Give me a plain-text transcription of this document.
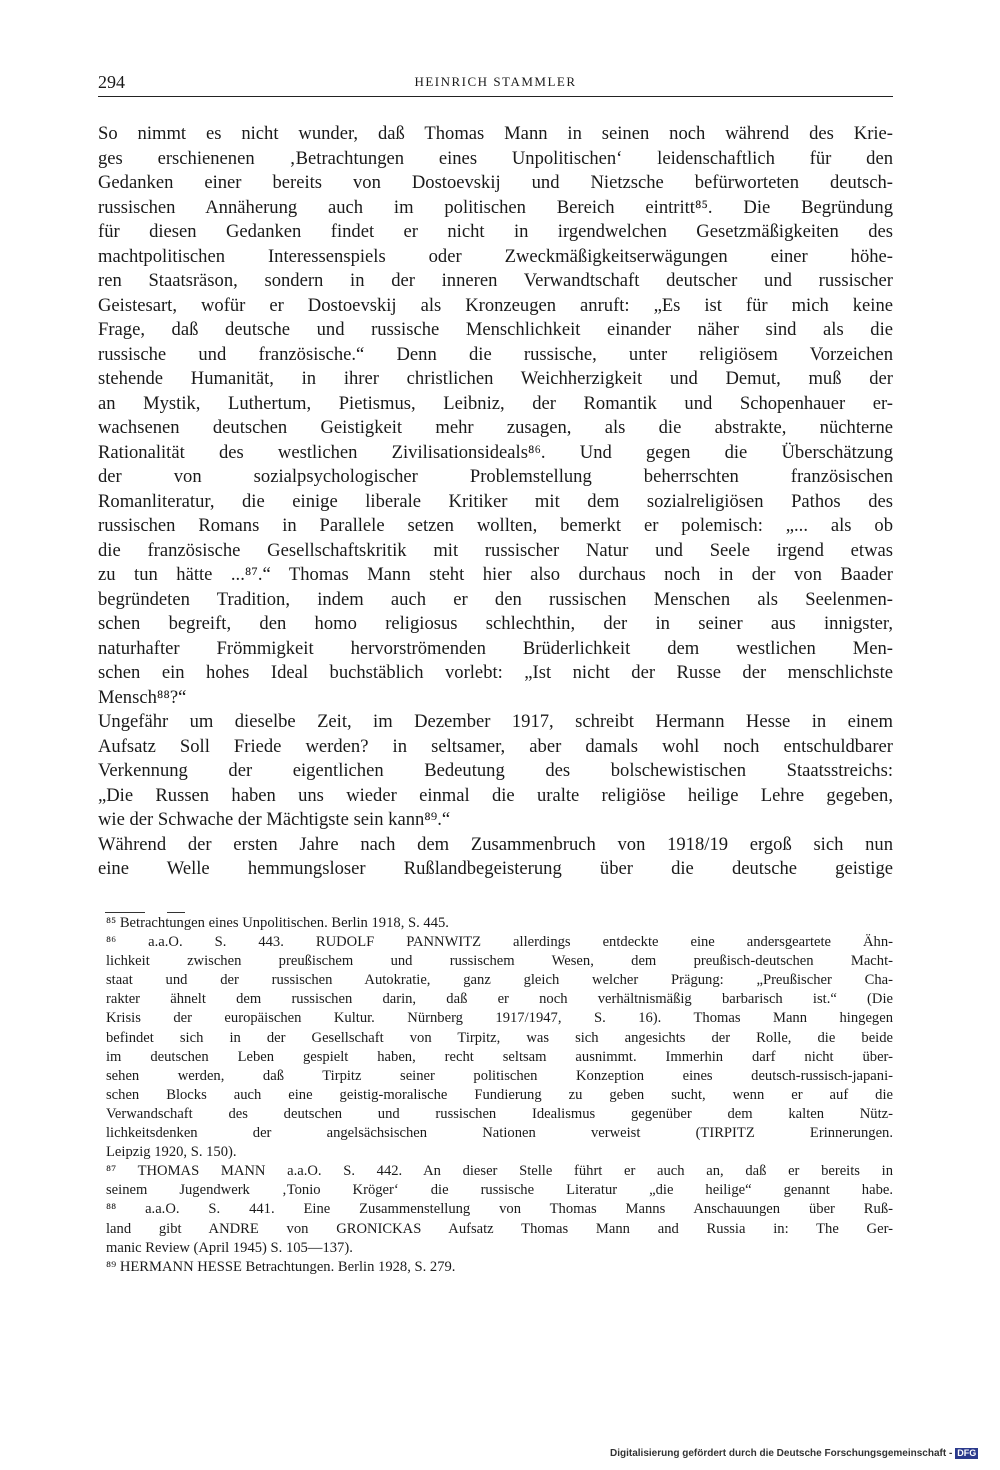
294	HEINRICH STAMMLER
So nimmt es nicht wunder, daß Thomas Mann in seinen noch während des Krie-
ges erschienenen ‚Betrachtungen eines Unpolitischen‘ leidenschaftlich für den
Gedanken einer bereits von Dostoevskij und Nietzsche befürworteten deutsch-
russischen Annäherung auch im politischen Bereich eintritt⁸⁵. Die Begründung
für diesen Gedanken findet er nicht in irgendwelchen Gesetzmäßigkeiten des
machtpolitischen Interessenspiels oder Zweckmäßigkeitserwägungen einer höhe-
ren Staatsräson, sondern in der inneren Verwandtschaft deutscher und russischer
Geistesart, wofür er Dostoevskij als Kronzeugen anruft: „Es ist für mich keine
Frage, daß deutsche und russische Menschlichkeit einander näher sind als die
russische und französische.“ Denn die russische, unter religiösem Vorzeichen
stehende Humanität, in ihrer christlichen Weichherzigkeit und Demut, muß der
an Mystik, Luthertum, Pietismus, Leibniz, der Romantik und Schopenhauer er-
wachsenen deutschen Geistigkeit mehr zusagen, als die abstrakte, nüchterne
Rationalität des westlichen Zivilisationsideals⁸⁶. Und gegen die Überschätzung
der von sozialpsychologischer Problemstellung beherrschten französischen
Romanliteratur, die einige liberale Kritiker mit dem sozialreligiösen Pathos des
russischen Romans in Parallele setzen wollten, bemerkt er polemisch: „... als ob
die französische Gesellschaftskritik mit russischer Natur und Seele irgend etwas
zu tun hätte ...⁸⁷.“ Thomas Mann steht hier also durchaus noch in der von Baader
begründeten Tradition, indem auch er den russischen Menschen als Seelenmen-
schen begreift, den homo religiosus schlechthin, der in seiner aus innigster,
naturhafter Frömmigkeit hervorströmenden Brüderlichkeit dem westlichen Men-
schen ein hohes Ideal buchstäblich vorlebt: „Ist nicht der Russe der menschlichste
Mensch⁸⁸?“
Ungefähr um dieselbe Zeit, im Dezember 1917, schreibt Hermann Hesse in einem
Aufsatz Soll Friede werden? in seltsamer, aber damals wohl noch entschuldbarer
Verkennung der eigentlichen Bedeutung des bolschewistischen Staatsstreichs:
„Die Russen haben uns wieder einmal die uralte religiöse heilige Lehre gegeben,
wie der Schwache der Mächtigste sein kann⁸⁹.“
Während der ersten Jahre nach dem Zusammenbruch von 1918/19 ergoß sich nun
eine Welle hemmungsloser Rußlandbegeisterung über die deutsche geistige
⁸⁵ Betrachtungen eines Unpolitischen. Berlin 1918, S. 445.
⁸⁶ a.a.O. S. 443. RUDOLF PANNWITZ allerdings entdeckte eine andersgeartete Ähn-
lichkeit zwischen preußischem und russischem Wesen, dem preußisch-deutschen Macht-
staat und der russischen Autokratie, ganz gleich welcher Prägung: „Preußischer Cha-
rakter ähnelt dem russischen darin, daß er noch verhältnismäßig barbarisch ist.“ (Die
Krisis der europäischen Kultur. Nürnberg 1917/1947, S. 16). Thomas Mann hingegen
befindet sich in der Gesellschaft von Tirpitz, was sich angesichts der Rolle, die beide
im deutschen Leben gespielt haben, recht seltsam ausnimmt. Immerhin darf nicht über-
sehen werden, daß Tirpitz seiner politischen Konzeption eines deutsch-russisch-japani-
schen Blocks auch eine geistig-moralische Fundierung zu geben sucht, wenn er auf die
Verwandschaft des deutschen und russischen Idealismus gegenüber dem kalten Nütz-
lichkeitsdenken der angelsächsischen Nationen verweist (TIRPITZ Erinnerungen.
Leipzig 1920, S. 150).
⁸⁷ THOMAS MANN a.a.O. S. 442. An dieser Stelle führt er auch an, daß er bereits in
seinem Jugendwerk ‚Tonio Kröger‘ die russische Literatur „die heilige“ genannt habe.
⁸⁸ a.a.O. S. 441. Eine Zusammenstellung von Thomas Manns Anschauungen über Ruß-
land gibt ANDRE von GRONICKAS Aufsatz Thomas Mann and Russia in: The Ger-
manic Review (April 1945) S. 105—137).
⁸⁹ HERMANN HESSE Betrachtungen. Berlin 1928, S. 279.
Digitalisierung gefördert durch die Deutsche Forschungsgemeinschaft - DFG
